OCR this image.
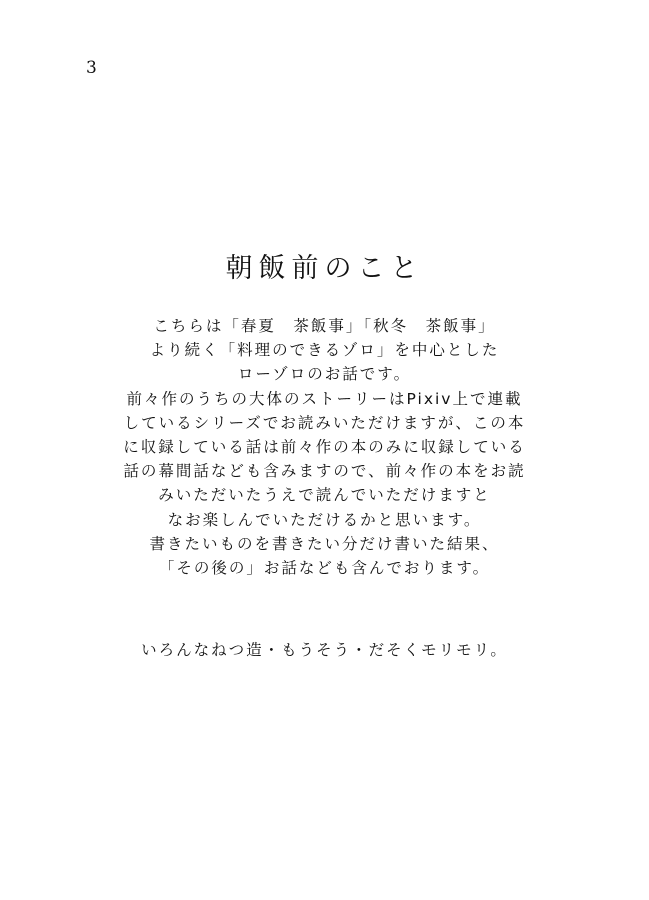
3
朝飯前のこと
こちらは「春夏　茶飯事」「秋冬　茶飯事」
より続く「料理のできるゾロ」を中心とした
ローゾロのお話です。
前々作のうちの大体のストーリーはPixiv上で連載
しているシリーズでお読みいただけますが、この本
に収録している話は前々作の本のみに収録している
話の幕間話なども含みますので、前々作の本をお読
みいただいたうえで読んでいただけますと
なお楽しんでいただけるかと思います。
書きたいものを書きたい分だけ書いた結果、
「その後の」お話なども含んでおります。
いろんなねつ造・もうそう・だそくモリモリ。
